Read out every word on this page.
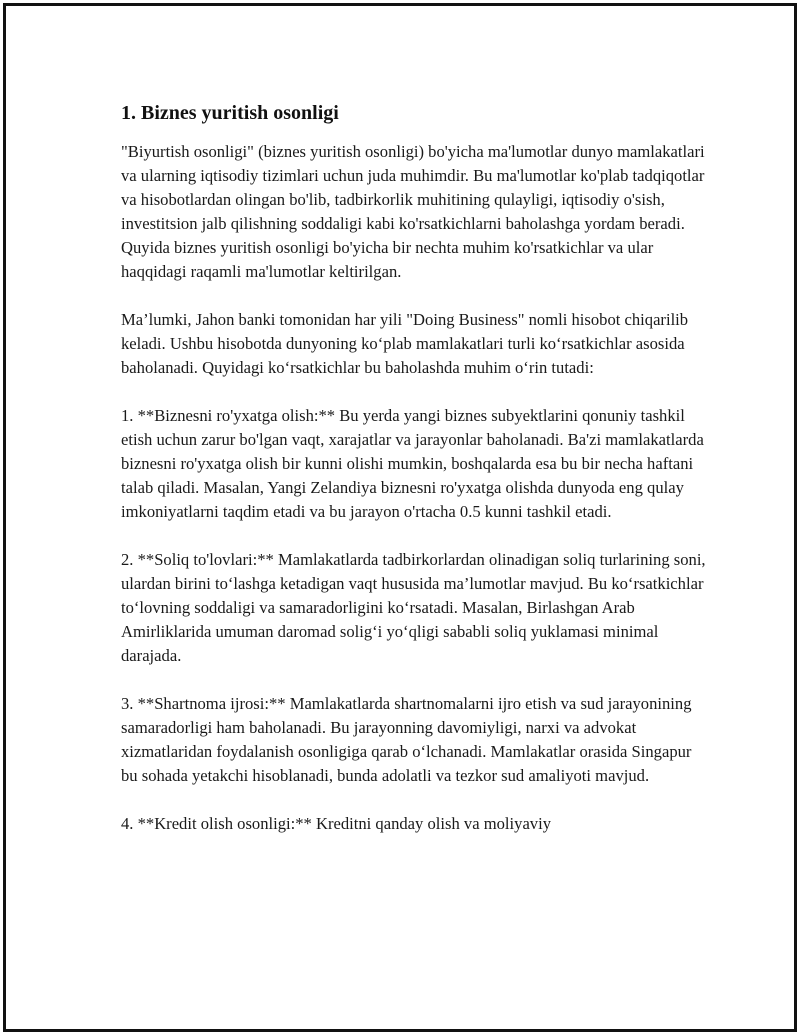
1. Biznes yuritish osonligi

"Biyurtish osonligi" (biznes yuritish osonligi) bo'yicha ma'lumotlar dunyo mamlakatlari va ularning iqtisodiy tizimlari uchun juda muhimdir. Bu ma'lumotlar ko'plab tadqiqotlar va hisobotlardan olingan bo'lib, tadbirkorlik muhitining qulayligi, iqtisodiy o'sish, investitsion jalb qilishning soddaligi kabi ko'rsatkichlarni baholashga yordam beradi. Quyida biznes yuritish osonligi bo'yicha bir nechta muhim ko'rsatkichlar va ular haqqidagi raqamli ma'lumotlar keltirilgan.

Ma’lumki, Jahon banki tomonidan har yili "Doing Business" nomli hisobot chiqarilib keladi. Ushbu hisobotda dunyoning ko‘plab mamlakatlari turli ko‘rsatkichlar asosida baholanadi. Quyidagi ko‘rsatkichlar bu baholashda muhim o‘rin tutadi:

1. **Biznesni ro'yxatga olish:** Bu yerda yangi biznes subyektlarini qonuniy tashkil etish uchun zarur bo'lgan vaqt, xarajatlar va jarayonlar baholanadi. Ba'zi mamlakatlarda biznesni ro'yxatga olish bir kunni olishi mumkin, boshqalarda esa bu bir necha haftani talab qiladi. Masalan, Yangi Zelandiya biznesni ro'yxatga olishda dunyoda eng qulay imkoniyatlarni taqdim etadi va bu jarayon o'rtacha 0.5 kunni tashkil etadi.

2. **Soliq to'lovlari:** Mamlakatlarda tadbirkorlardan olinadigan soliq turlarining soni, ulardan birini to‘lashga ketadigan vaqt hususida ma’lumotlar mavjud. Bu ko‘rsatkichlar to‘lovning soddaligi va samaradorligini ko‘rsatadi. Masalan, Birlashgan Arab Amirliklarida umuman daromad solig‘i yo‘qligi sababli soliq yuklamasi minimal darajada.

3. **Shartnoma ijrosi:** Mamlakatlarda shartnomalarni ijro etish va sud jarayonining samaradorligi ham baholanadi. Bu jarayonning davomiyligi, narxi va advokat xizmatlaridan foydalanish osonligiga qarab o‘lchanadi. Mamlakatlar orasida Singapur bu sohada yetakchi hisoblanadi, bunda adolatli va tezkor sud amaliyoti mavjud.

4. **Kredit olish osonligi:** Kreditni qanday olish va moliyaviy
